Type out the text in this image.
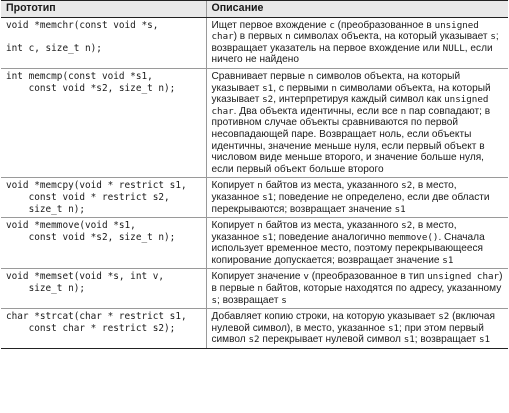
Прототип	Описание
void *memchr(const void *s,

int c, size_t n);	Ищет первое вхождение c (преобразованное в unsigned char) в первых n символах объекта, на который указывает s; возвращает указатель на первое вхождение или NULL, если ничего не найдено
int memcmp(const void *s1,
const void *s2, size_t n);	Сравнивает первые n символов объекта, на который указывает s1, с первыми n символами объекта, на который указывает s2, интерпретируя каждый символ как unsigned char. Два объекта идентичны, если все n пар совпадают; в противном случае объекты сравниваются по первой несовпадающей паре. Возвращает ноль, если объекты идентичны, значение меньше нуля, если первый объект в числовом виде меньше второго, и значение больше нуля, если первый объект больше второго
void *memcpy(void * restrict s1,
const void * restrict s2,
size_t n);	Копирует n байтов из места, указанного s2, в место, указанное s1; поведение не определено, если две области перекрываются; возвращает значение s1
void *memmove(void *s1,
const void *s2, size_t n);	Копирует n байтов из места, указанного s2, в место, указанное s1; поведение аналогично memmove(). Сначала использует временное место, поэтому перекрывающееся копирование допускается; возвращает значение s1
void *memset(void *s, int v,
size_t n);	Копирует значение v (преобразованное в тип unsigned char) в первые n байтов, которые находятся по адресу, указанному s; возвращает s
char *strcat(char * restrict s1,
const char * restrict s2);	Добавляет копию строки, на которую указывает s2 (включая нулевой символ), в место, указанное s1; при этом первый символ s2 перекрывает нулевой символ s1; возвращает s1
